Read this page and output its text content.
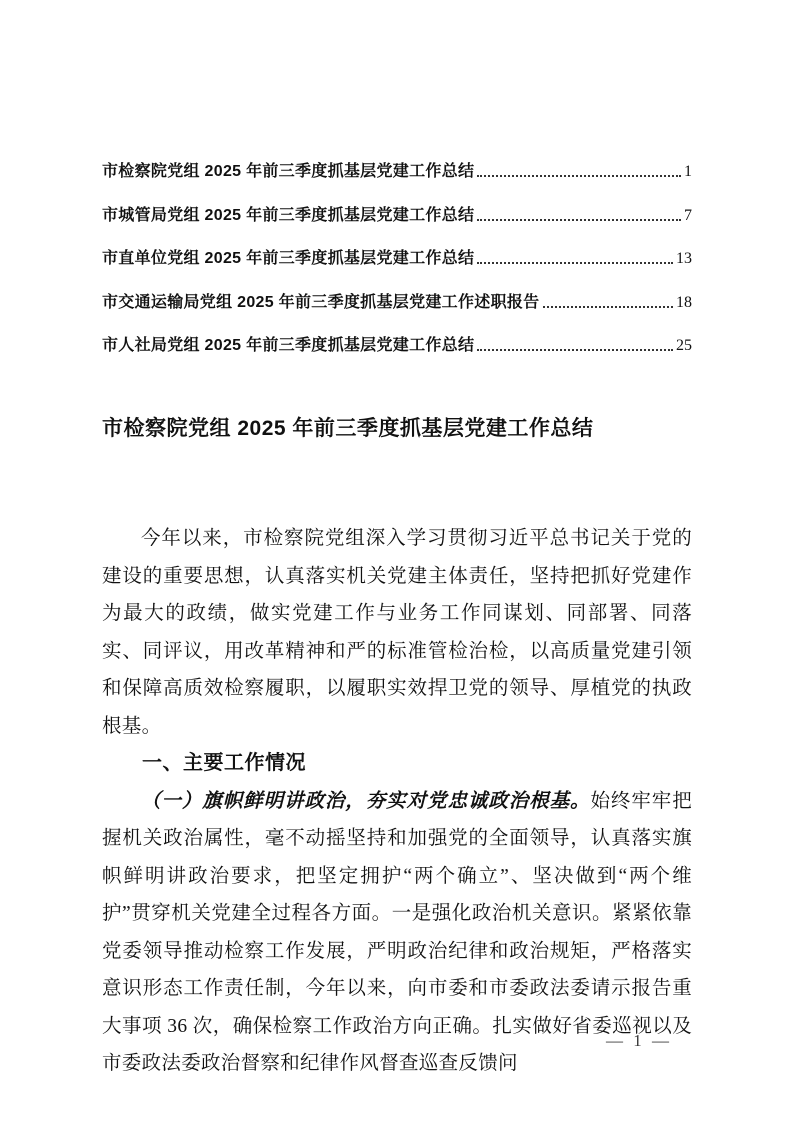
市检察院党组 2025 年前三季度抓基层党建工作总结	1
市城管局党组 2025 年前三季度抓基层党建工作总结	7
市直单位党组 2025 年前三季度抓基层党建工作总结	13
市交通运输局党组 2025 年前三季度抓基层党建工作述职报告	18
市人社局党组 2025 年前三季度抓基层党建工作总结	25
市检察院党组 2025 年前三季度抓基层党建工作总结

今年以来，市检察院党组深入学习贯彻习近平总书记关于党的建设的重要思想，认真落实机关党建主体责任，坚持把抓好党建作为最大的政绩，做实党建工作与业务工作同谋划、同部署、同落实、同评议，用改革精神和严的标准管检治检，以高质量党建引领和保障高质效检察履职，以履职实效捍卫党的领导、厚植党的执政根基。

一、主要工作情况

（一）旗帜鲜明讲政治，夯实对党忠诚政治根基。始终牢牢把握机关政治属性，毫不动摇坚持和加强党的全面领导，认真落实旗帜鲜明讲政治要求，把坚定拥护“两个确立”、坚决做到“两个维护”贯穿机关党建全过程各方面。一是强化政治机关意识。紧紧依靠党委领导推动检察工作发展，严明政治纪律和政治规矩，严格落实意识形态工作责任制，今年以来，向市委和市委政法委请示报告重大事项 36 次，确保检察工作政治方向正确。扎实做好省委巡视以及市委政法委政治督察和纪律作风督查巡查反馈问

— 1 —
